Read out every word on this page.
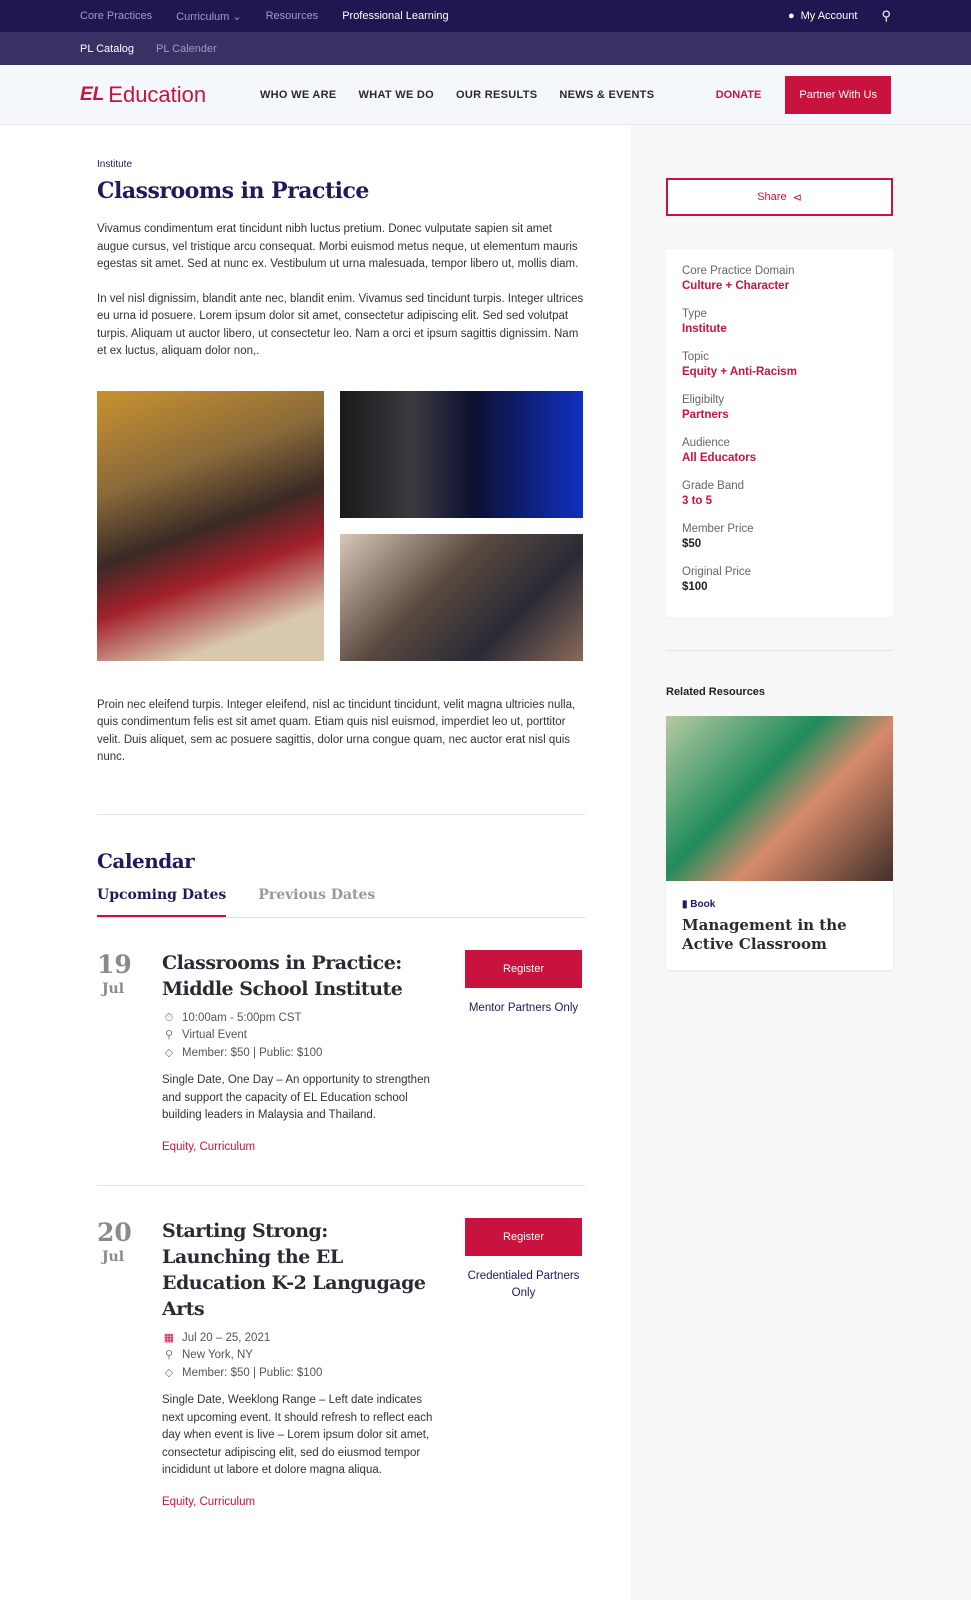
Core Practices Curriculum ⌄ Resources Professional Learning	● My Account ⚲
PL Catalog PL Calender
EL Education	WHO WE ARE WHAT WE DO OUR RESULTS NEWS & EVENTS	DONATE	Partner With Us
Institute
Classrooms in Practice

Vivamus condimentum erat tincidunt nibh luctus pretium. Donec vulputate sapien sit amet augue cursus, vel tristique arcu consequat. Morbi euismod metus neque, ut elementum mauris egestas sit amet. Sed at nunc ex. Vestibulum ut urna malesuada, tempor libero ut, mollis diam.

In vel nisl dignissim, blandit ante nec, blandit enim. Vivamus sed tincidunt turpis. Integer ultrices eu urna id posuere. Lorem ipsum dolor sit amet, consectetur adipiscing elit. Sed sed volutpat turpis. Aliquam ut auctor libero, ut consectetur leo. Nam a orci et ipsum sagittis dignissim. Nam et ex luctus, aliquam dolor non,.

Proin nec eleifend turpis. Integer eleifend, nisl ac tincidunt tincidunt, velit magna ultricies nulla, quis condimentum felis est sit amet quam. Etiam quis nisl euismod, imperdiet leo ut, porttitor velit. Duis aliquet, sem ac posuere sagittis, dolor urna congue quam, nec auctor erat nisl quis nunc.

Calendar
Upcoming Dates Previous Dates
19
Jul
Register
Mentor Partners Only
Classrooms in Practice: Middle School Institute
⏱ 10:00am - 5:00pm CST
⚲ Virtual Event
◇ Member: $50 | Public: $100
Single Date, One Day – An opportunity to strengthen and support the capacity of EL Education school building leaders in Malaysia and Thailand.
Equity, Curriculum
20
Jul
Register
Credentialed Partners Only
Starting Strong: Launching the EL Education K-2 Langugage Arts
▦ Jul 20 – 25, 2021
⚲ New York, NY
◇ Member: $50 | Public: $100
Single Date, Weeklong Range – Left date indicates next upcoming event. It should refresh to reflect each day when event is live – Lorem ipsum dolor sit amet, consectetur adipiscing elit, sed do eiusmod tempor incididunt ut labore et dolore magna aliqua.
Equity, Curriculum
Share ⊲
Core Practice Domain
Culture + Character
Type
Institute
Topic
Equity + Anti-Racism
Eligibilty
Partners
Audience
All Educators
Grade Band
3 to 5
Member Price
$50
Original Price
$100
Related Resources
▮ Book
Management in the Active Classroom
